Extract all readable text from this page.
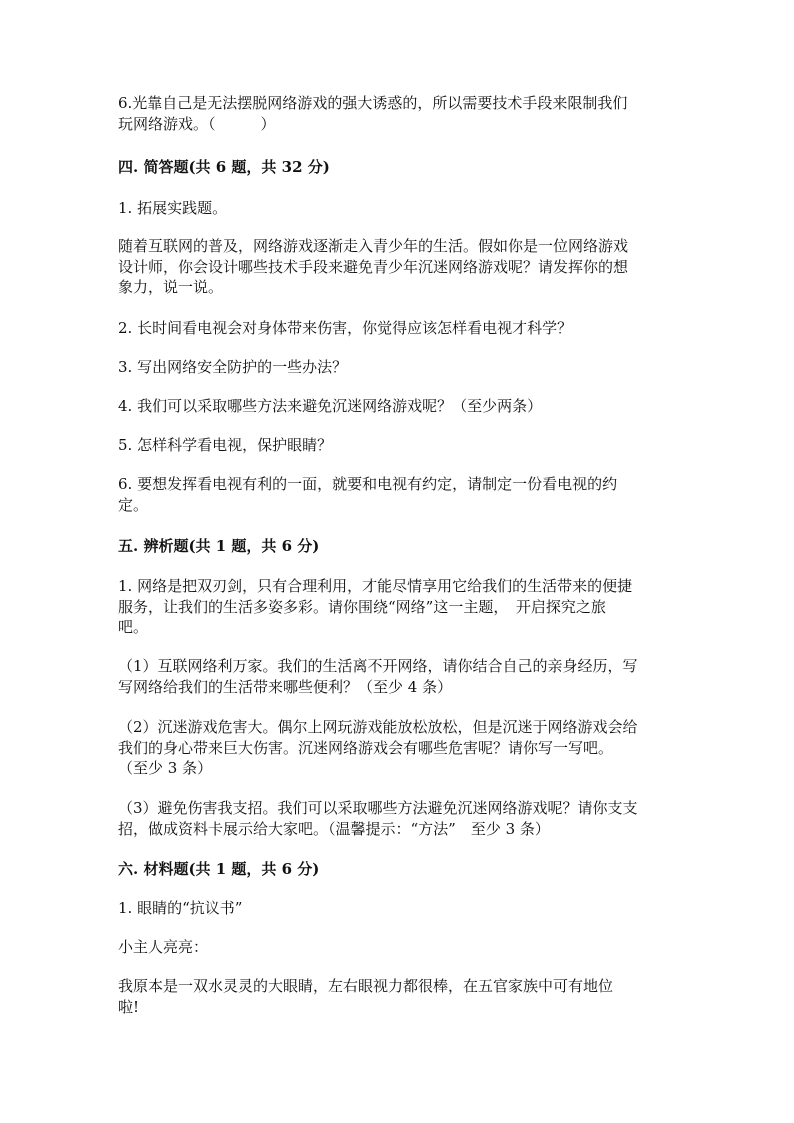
6.光靠自己是无法摆脱网络游戏的强大诱惑的，所以需要技术手段来限制我们
玩网络游戏。（　　　）
四. 简答题(共 6 题，共 32 分)
1. 拓展实践题。
随着互联网的普及，网络游戏逐渐走入青少年的生活。假如你是一位网络游戏
设计师，你会设计哪些技术手段来避免青少年沉迷网络游戏呢？请发挥你的想
象力，说一说。
2. 长时间看电视会对身体带来伤害，你觉得应该怎样看电视才科学？
3. 写出网络安全防护的一些办法？
4. 我们可以采取哪些方法来避免沉迷网络游戏呢？（至少两条）
5. 怎样科学看电视，保护眼睛？
6. 要想发挥看电视有利的一面，就要和电视有约定，请制定一份看电视的约
定。
五. 辨析题(共 1 题，共 6 分)
1. 网络是把双刃剑，只有合理利用，才能尽情享用它给我们的生活带来的便捷
服务，让我们的生活多姿多彩。请你围绕“网络”这一主题，　开启探究之旅
吧。
（1）互联网络利万家。我们的生活离不开网络，请你结合自己的亲身经历，写
写网络给我们的生活带来哪些便利？（至少 4 条）
（2）沉迷游戏危害大。偶尔上网玩游戏能放松放松，但是沉迷于网络游戏会给
我们的身心带来巨大伤害。沉迷网络游戏会有哪些危害呢？请你写一写吧。
（至少 3 条）
（3）避免伤害我支招。我们可以采取哪些方法避免沉迷网络游戏呢？请你支支
招，做成资料卡展示给大家吧。（温馨提示：“方法”　至少 3 条）
六. 材料题(共 1 题，共 6 分)
1. 眼睛的“抗议书”
小主人亮亮：
我原本是一双水灵灵的大眼睛，左右眼视力都很棒，在五官家族中可有地位
啦!
